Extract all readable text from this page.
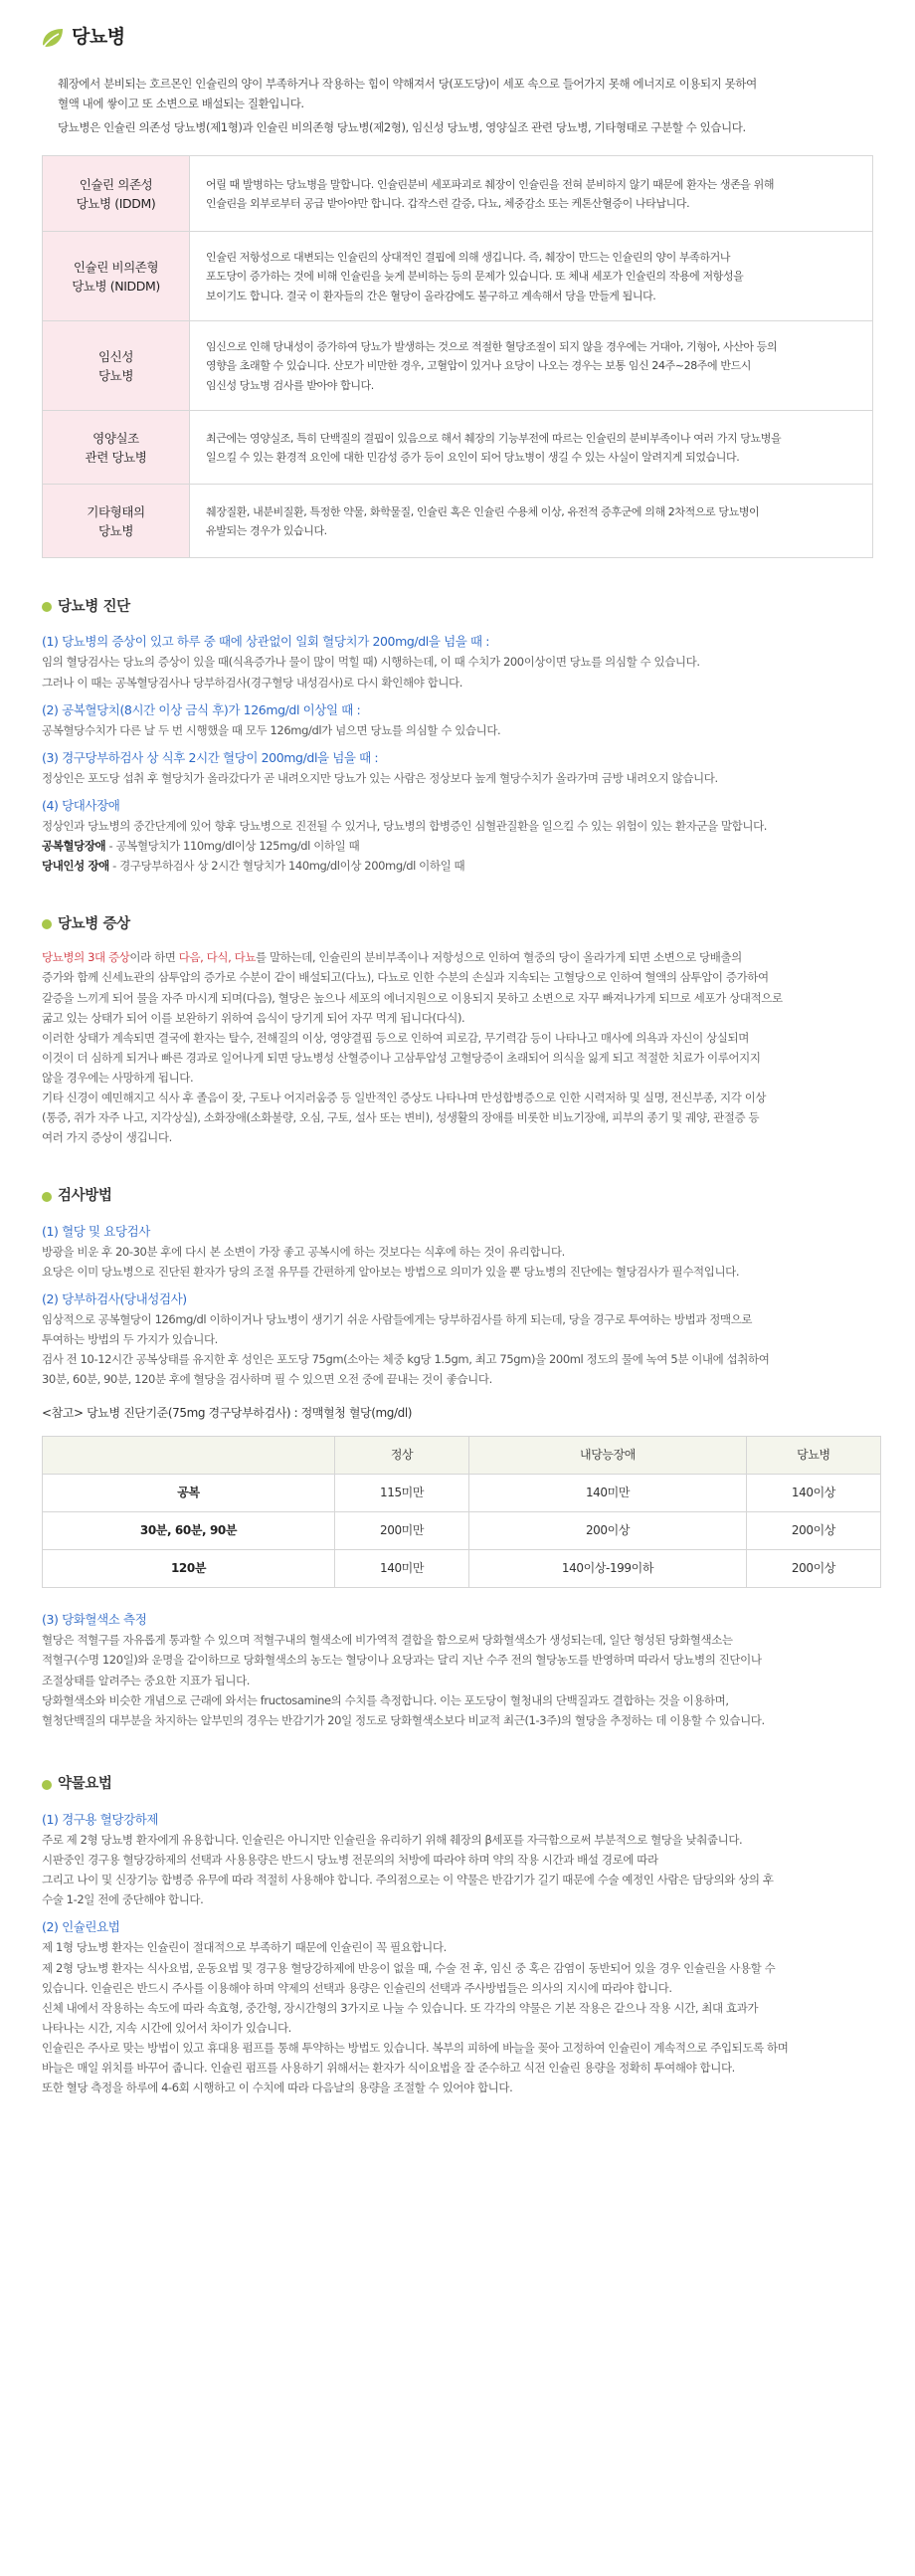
당뇨병

췌장에서 분비되는 호르몬인 인슐린의 양이 부족하거나 작용하는 힘이 약해져서 당(포도당)이 세포 속으로 들어가지 못해 에너지로 이용되지 못하여
혈액 내에 쌓이고 또 소변으로 배설되는 질환입니다.

당뇨병은 인슐린 의존성 당뇨병(제1형)과 인슐린 비의존형 당뇨병(제2형), 임신성 당뇨병, 영양실조 관련 당뇨병, 기타형태로 구분할 수 있습니다.

인슐린 의존성
당뇨병 (IDDM)	어릴 때 발병하는 당뇨병을 말합니다. 인슐린분비 세포파괴로 췌장이 인슐린을 전혀 분비하지 않기 때문에 환자는 생존을 위해
인슐린을 외부로부터 공급 받아야만 합니다. 갑작스런 갈증, 다뇨, 체중감소 또는 케톤산혈증이 나타납니다.
인슐린 비의존형
당뇨병 (NIDDM)	인슐린 저항성으로 대변되는 인슐린의 상대적인 결핍에 의해 생깁니다. 즉, 췌장이 만드는 인슐린의 양이 부족하거나
포도당이 증가하는 것에 비해 인슐린을 늦게 분비하는 등의 문제가 있습니다. 또 체내 세포가 인슐린의 작용에 저항성을
보이기도 합니다. 결국 이 환자들의 간은 혈당이 올라감에도 불구하고 계속해서 당을 만들게 됩니다.
임신성
당뇨병	임신으로 인해 당내성이 증가하여 당뇨가 발생하는 것으로 적절한 혈당조절이 되지 않을 경우에는 거대아, 기형아, 사산아 등의
영향을 초래할 수 있습니다. 산모가 비만한 경우, 고혈압이 있거나 요당이 나오는 경우는 보통 임신 24주~28주에 반드시
임신성 당뇨병 검사를 받아야 합니다.
영양실조
관련 당뇨병	최근에는 영양실조, 특히 단백질의 결핍이 있음으로 해서 췌장의 기능부전에 따르는 인슐린의 분비부족이나 여러 가지 당뇨병을
일으킬 수 있는 환경적 요인에 대한 민감성 증가 등이 요인이 되어 당뇨병이 생길 수 있는 사실이 알려지게 되었습니다.
기타형태의
당뇨병	췌장질환, 내분비질환, 특정한 약물, 화학물질, 인슐린 혹은 인슐린 수용체 이상, 유전적 증후군에 의해 2차적으로 당뇨병이
유발되는 경우가 있습니다.
당뇨병 진단
(1) 당뇨병의 증상이 있고 하루 중 때에 상관없이 일회 혈당치가 200mg/dl을 넘을 때 :
임의 혈당검사는 당뇨의 증상이 있을 때(식욕증가나 물이 많이 먹힐 때) 시행하는데, 이 때 수치가 200이상이면 당뇨를 의심할 수 있습니다.
그러나 이 때는 공복혈당검사나 당부하검사(경구혈당 내성검사)로 다시 확인해야 합니다.
(2) 공복혈당치(8시간 이상 금식 후)가 126mg/dl 이상일 때 :
공복혈당수치가 다른 날 두 번 시행했을 때 모두 126mg/dl가 넘으면 당뇨를 의심할 수 있습니다.
(3) 경구당부하검사 상 식후 2시간 혈당이 200mg/dl을 넘을 때 :
정상인은 포도당 섭취 후 혈당치가 올라갔다가 곧 내려오지만 당뇨가 있는 사람은 정상보다 높게 혈당수치가 올라가며 금방 내려오지 않습니다.
(4) 당대사장애
정상인과 당뇨병의 중간단계에 있어 향후 당뇨병으로 진전될 수 있거나, 당뇨병의 합병증인 심혈관질환을 일으킬 수 있는 위험이 있는 환자군을 말합니다.
공복혈당장애 - 공복혈당치가 110mg/dl이상 125mg/dl 이하일 때
당내인성 장애 - 경구당부하검사 상 2시간 혈당치가 140mg/dl이상 200mg/dl 이하일 때
당뇨병 증상
당뇨병의 3대 증상이라 하면 다음, 다식, 다뇨를 말하는데, 인슐린의 분비부족이나 저항성으로 인하여 혈중의 당이 올라가게 되면 소변으로 당배출의
증가와 함께 신세뇨관의 삼투압의 증가로 수분이 같이 배설되고(다뇨), 다뇨로 인한 수분의 손실과 지속되는 고혈당으로 인하여 혈액의 삼투압이 증가하여
갈증을 느끼게 되어 물을 자주 마시게 되며(다음), 혈당은 높으나 세포의 에너지원으로 이용되지 못하고 소변으로 자꾸 빠져나가게 되므로 세포가 상대적으로
굶고 있는 상태가 되어 이를 보완하기 위하여 음식이 당기게 되어 자꾸 먹게 됩니다(다식).
이러한 상태가 계속되면 결국에 환자는 탈수, 전해질의 이상, 영양결핍 등으로 인하여 피로감, 무기력감 등이 나타나고 매사에 의욕과 자신이 상실되며
이것이 더 심하게 되거나 빠른 경과로 일어나게 되면 당뇨병성 산혈증이나 고삼투압성 고혈당증이 초래되어 의식을 잃게 되고 적절한 치료가 이루어지지
않을 경우에는 사망하게 됩니다.
기타 신경이 예민해지고 식사 후 졸음이 잦, 구토나 어지러움증 등 일반적인 증상도 나타나며 만성합병증으로 인한 시력저하 및 실명, 전신부종, 지각 이상
(통증, 쥐가 자주 나고, 지각상실), 소화장애(소화불량, 오심, 구토, 설사 또는 변비), 성생활의 장애를 비롯한 비뇨기장애, 피부의 종기 및 궤양, 관절증 등
여러 가지 증상이 생깁니다.
검사방법
(1) 혈당 및 요당검사
방광을 비운 후 20-30분 후에 다시 본 소변이 가장 좋고 공복시에 하는 것보다는 식후에 하는 것이 유리합니다.
요당은 이미 당뇨병으로 진단된 환자가 당의 조절 유무를 간편하게 알아보는 방법으로 의미가 있을 뿐 당뇨병의 진단에는 혈당검사가 필수적입니다.
(2) 당부하검사(당내성검사)
임상적으로 공복혈당이 126mg/dl 이하이거나 당뇨병이 생기기 쉬운 사람들에게는 당부하검사를 하게 되는데, 당을 경구로 투여하는 방법과 정맥으로
투여하는 방법의 두 가지가 있습니다.
검사 전 10-12시간 공복상태를 유지한 후 성인은 포도당 75gm(소아는 체중 kg당 1.5gm, 최고 75gm)을 200ml 정도의 물에 녹여 5분 이내에 섭취하여
30분, 60분, 90분, 120분 후에 혈당을 검사하며 필 수 있으면 오전 중에 끝내는 것이 좋습니다.
<참고> 당뇨병 진단기준(75mg 경구당부하검사) : 정맥혈청 혈당(mg/dl)
	정상	내당능장애	당뇨병
공복	115미만	140미만	140이상
30분, 60분, 90분	200미만	200이상	200이상
120분	140미만	140이상-199이하	200이상
(3) 당화혈색소 측정
혈당은 적혈구를 자유롭게 통과할 수 있으며 적혈구내의 혈색소에 비가역적 결합을 함으로써 당화혈색소가 생성되는데, 일단 형성된 당화혈색소는
적혈구(수명 120일)와 운명을 같이하므로 당화혈색소의 농도는 혈당이나 요당과는 달리 지난 수주 전의 혈당농도를 반영하며 따라서 당뇨병의 진단이나
조절상태를 알려주는 중요한 지표가 됩니다.
당화혈색소와 비슷한 개념으로 근래에 와서는 fructosamine의 수치를 측정합니다. 이는 포도당이 혈청내의 단백질과도 결합하는 것을 이용하며,
혈청단백질의 대부분을 차지하는 알부민의 경우는 반감기가 20일 정도로 당화혈색소보다 비교적 최근(1-3주)의 혈당을 추정하는 데 이용할 수 있습니다.
약물요법
(1) 경구용 혈당강하제
주로 제 2형 당뇨병 환자에게 유용합니다. 인슐린은 아니지만 인슐린을 유리하기 위해 췌장의 β세포를 자극함으로써 부분적으로 혈당을 낮춰줍니다.
시판중인 경구용 혈당강하제의 선택과 사용용량은 반드시 당뇨병 전문의의 처방에 따라야 하며 약의 작용 시간과 배설 경로에 따라
그리고 나이 및 신장기능 합병증 유무에 따라 적절히 사용해야 합니다. 주의점으로는 이 약물은 반감기가 길기 때문에 수술 예정인 사람은 담당의와 상의 후
수술 1-2일 전에 중단해야 합니다.
(2) 인슐린요법
제 1형 당뇨병 환자는 인슐린이 절대적으로 부족하기 때문에 인슐린이 꼭 필요합니다.
제 2형 당뇨병 환자는 식사요법, 운동요법 및 경구용 혈당강하제에 반응이 없을 때, 수술 전 후, 임신 중 혹은 감염이 동반되어 있을 경우 인슐린을 사용할 수
있습니다. 인슐린은 반드시 주사를 이용해야 하며 약제의 선택과 용량은 인슐린의 선택과 주사방법들은 의사의 지시에 따라야 합니다.
신체 내에서 작용하는 속도에 따라 속효형, 중간형, 장시간형의 3가지로 나눌 수 있습니다. 또 각각의 약물은 기본 작용은 같으나 작용 시간, 최대 효과가
나타나는 시간, 지속 시간에 있어서 차이가 있습니다.
인슐린은 주사로 맞는 방법이 있고 휴대용 펌프를 통해 투약하는 방법도 있습니다. 복부의 피하에 바늘을 꽂아 고정하여 인슐린이 계속적으로 주입되도록 하며
바늘은 매일 위치를 바꾸어 줍니다. 인슐린 펌프를 사용하기 위해서는 환자가 식이요법을 잘 준수하고 식전 인슐린 용량을 정확히 투여해야 합니다.
또한 혈당 측정을 하루에 4-6회 시행하고 이 수치에 따라 다음날의 용량을 조절할 수 있어야 합니다.
